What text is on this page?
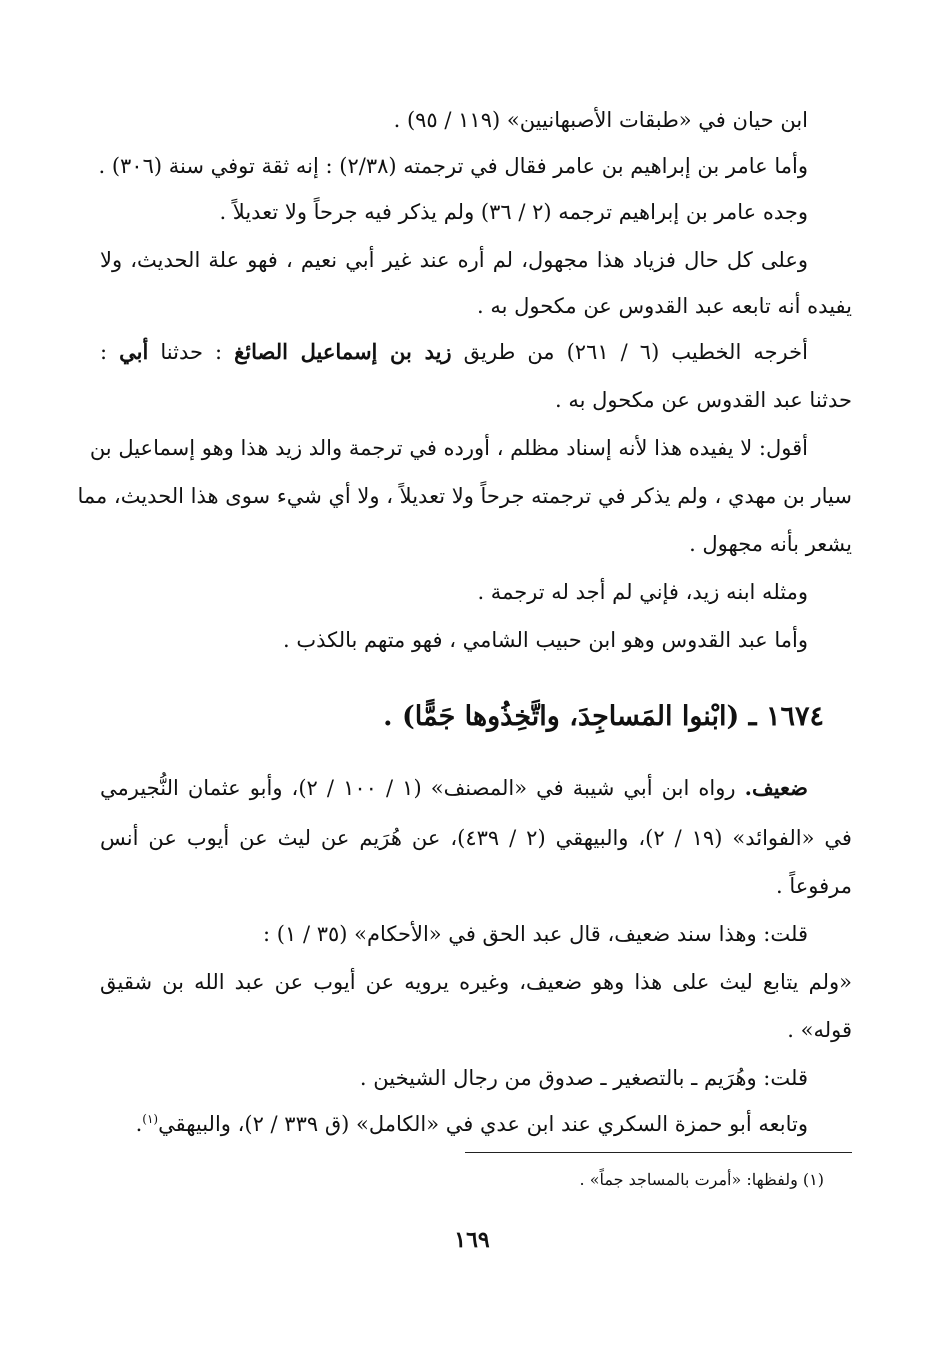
ابن حيان في «طبقات الأصبهانيين» (١١٩ / ٩٥) .
وأما عامر بن إبراهيم بن عامر فقال في ترجمته (٢/٣٨) : إنه ثقة توفي سنة (٣٠٦) .
وجده عامر بن إبراهيم ترجمه (٢ / ٣٦) ولم يذكر فيه جرحاً ولا تعديلاً .
وعلى كل حال فزياد هذا مجهول، لم أره عند غير أبي نعيم ، فهو علة الحديث، ولا
يفيده أنه تابعه عبد القدوس عن مكحول به .
أخرجه الخطيب (٦ / ٢٦١) من طريق زيد بن إسماعيل الصائغ : حدثنا أبي :
حدثنا عبد القدوس عن مكحول به .
أقول: لا يفيده هذا لأنه إسناد مظلم ، أورده في ترجمة والد زيد هذا وهو إسماعيل بن
سيار بن مهدي ، ولم يذكر في ترجمته جرحاً ولا تعديلاً ، ولا أي شيء سوى هذا الحديث، مما
يشعر بأنه مجهول .
ومثله ابنه زيد، فإني لم أجد له ترجمة .
وأما عبد القدوس وهو ابن حبيب الشامي ، فهو متهم بالكذب .
١٦٧٤ ـ (ابْنوا المَساجِدَ، واتَّخِذُوها جَمًّا) .
ضعيف. رواه ابن أبي شيبة في «المصنف» (١ / ١٠٠ / ٢)، وأبو عثمان النُّجيرمي
في «الفوائد» (١٩ / ٢)، والبيهقي (٢ / ٤٣٩)، عن هُرَيم عن ليث عن أيوب عن أنس
مرفوعاً .
قلت: وهذا سند ضعيف، قال عبد الحق في «الأحكام» (٣٥ / ١) :
«ولم يتابع ليث على هذا وهو ضعيف، وغيره يرويه عن أيوب عن عبد الله بن شقيق
قوله» .
قلت: وهُرَيم ـ بالتصغير ـ صدوق من رجال الشيخين .
وتابعه أبو حمزة السكري عند ابن عدي في «الكامل» (ق ٣٣٩ / ٢)، والبيهقي$^{(١)}$.
(١) ولفظها: «أمرت بالمساجد جماً» .
١٦٩
